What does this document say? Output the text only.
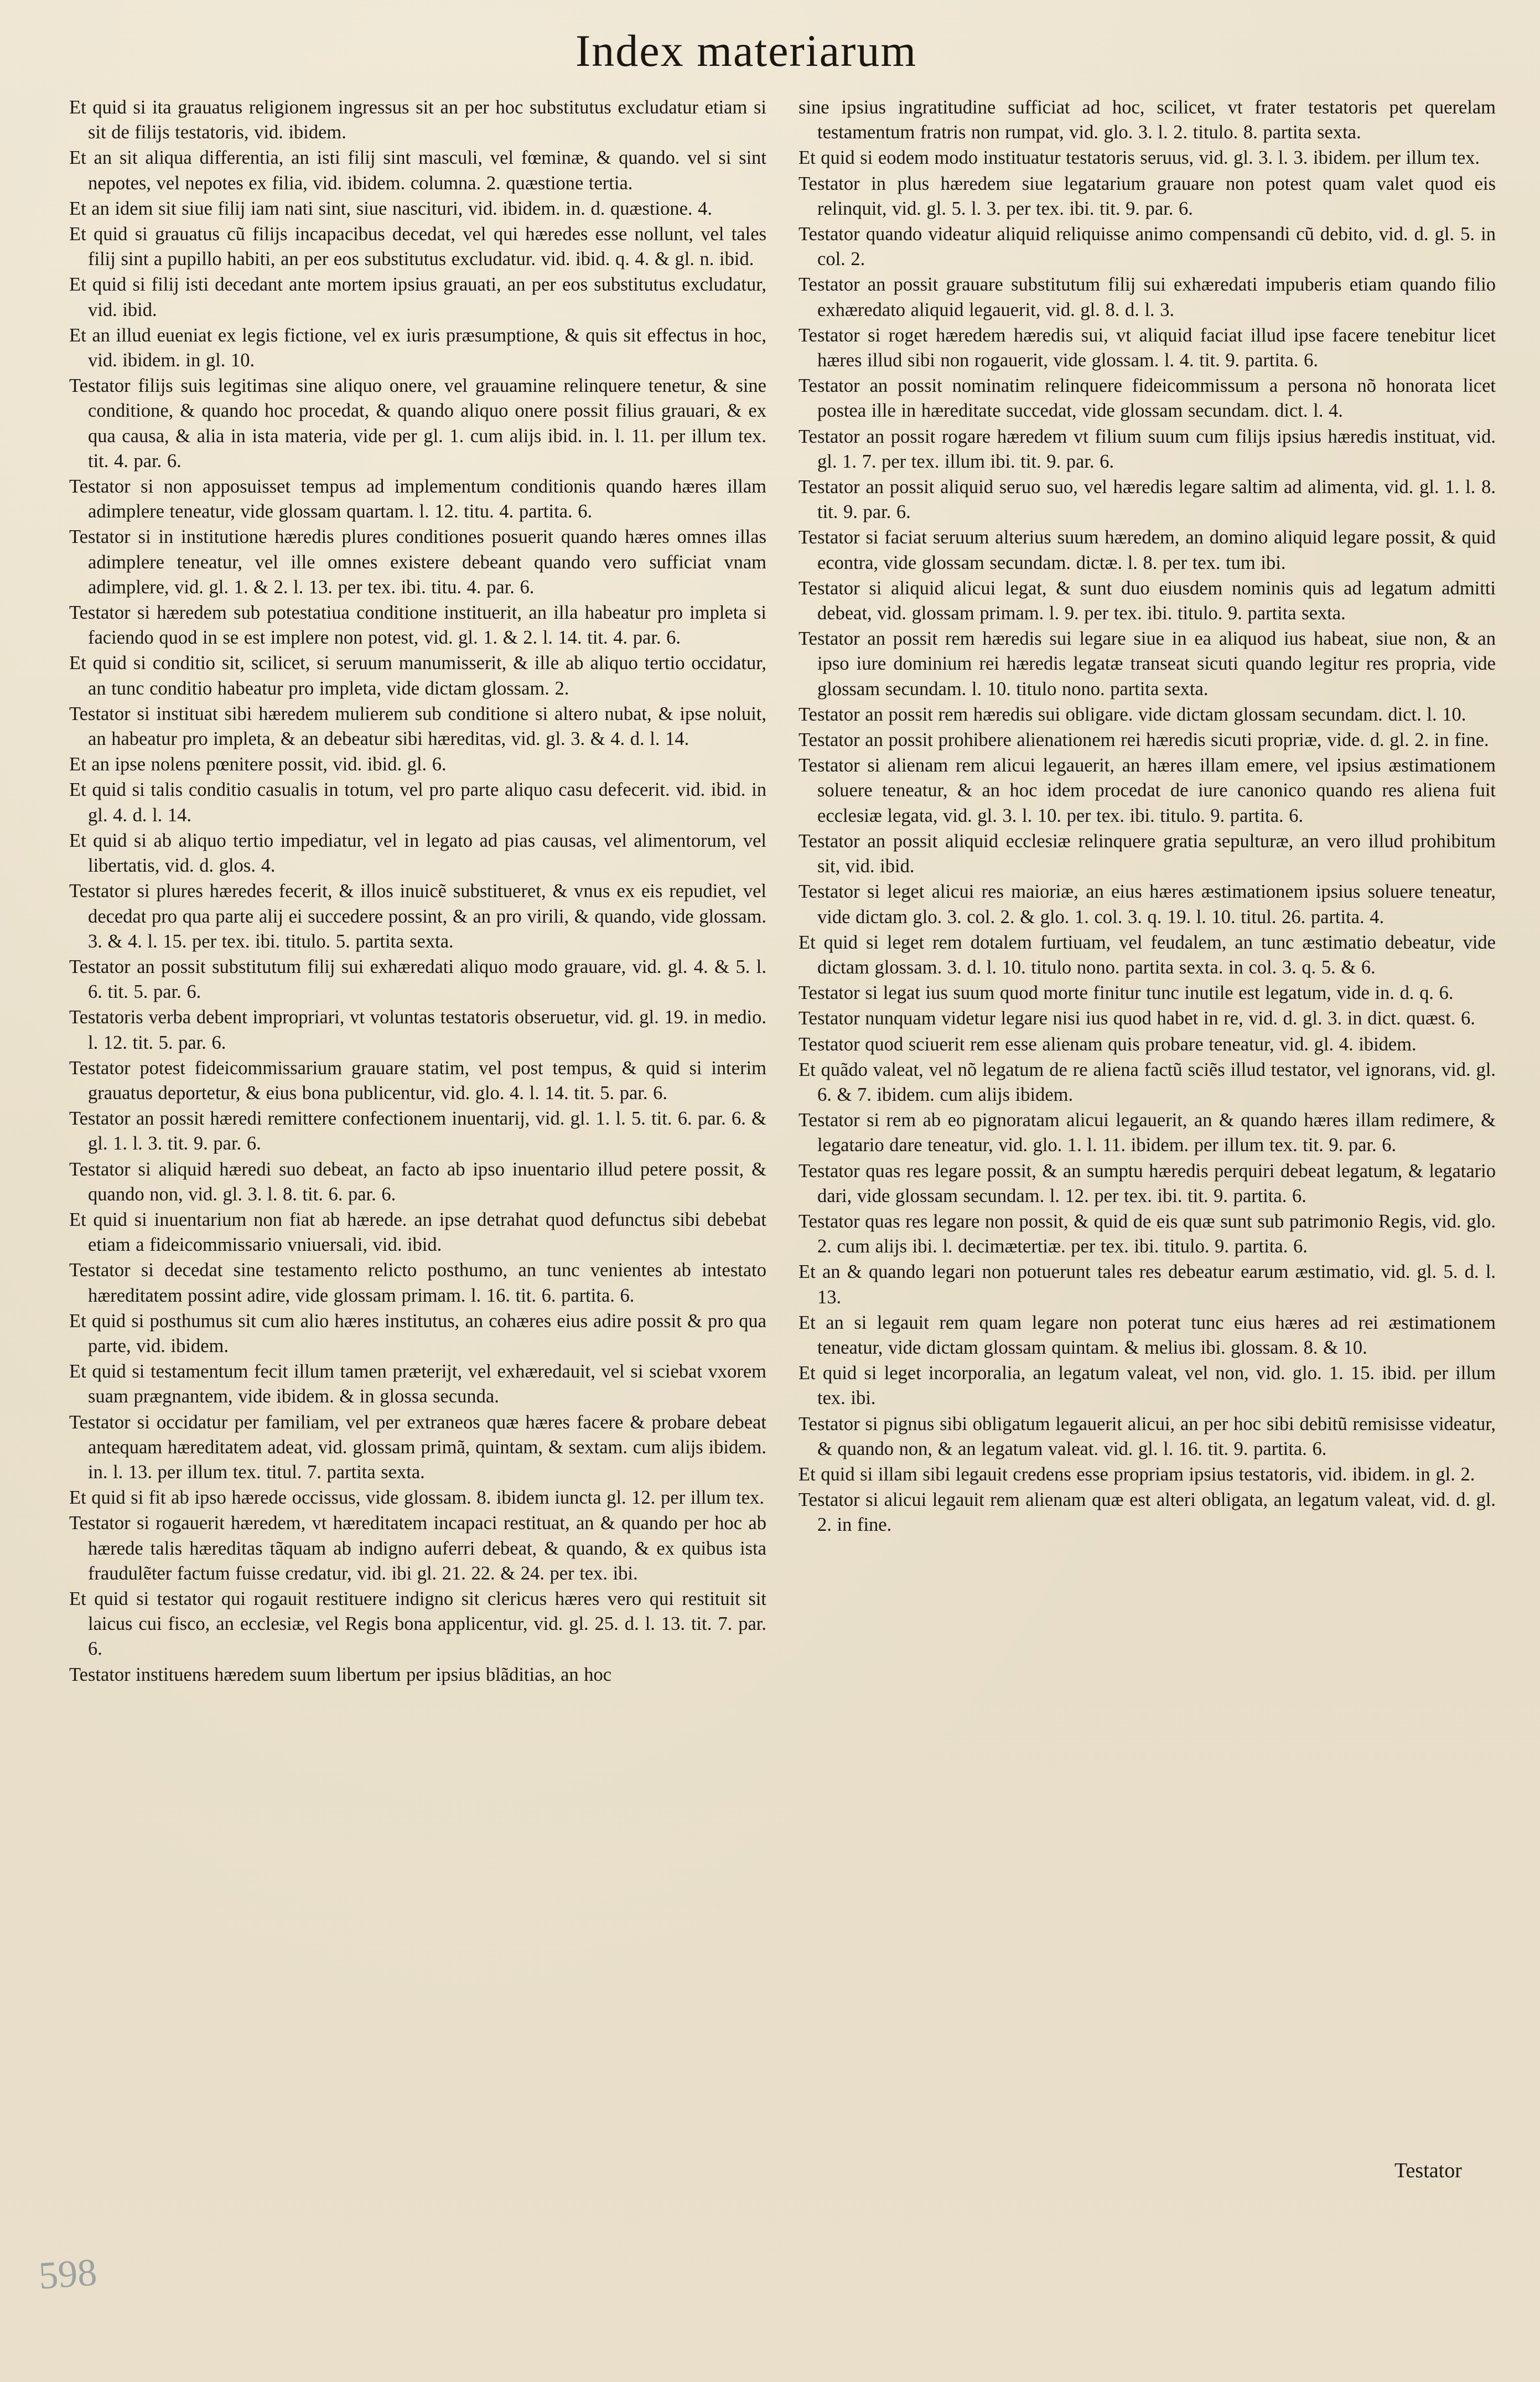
Index materiarum

Et quid si ita grauatus religionem ingressus sit an per hoc substitutus excludatur etiam si sit de filijs testatoris, vid. ibidem.

Et an sit aliqua differentia, an isti filij sint masculi, vel fœminæ, & quando. vel si sint nepotes, vel nepotes ex filia, vid. ibidem. columna. 2. quæstione tertia.

Et an idem sit siue filij iam nati sint, siue nascituri, vid. ibidem. in. d. quæstione. 4.

Et quid si grauatus cũ filijs incapacibus decedat, vel qui hæredes esse nollunt, vel tales filij sint a pupillo habiti, an per eos substitutus excludatur. vid. ibid. q. 4. & gl. n. ibid.

Et quid si filij isti decedant ante mortem ipsius grauati, an per eos substitutus excludatur, vid. ibid.

Et an illud eueniat ex legis fictione, vel ex iuris præsumptione, & quis sit effectus in hoc, vid. ibidem. in gl. 10.

Testator filijs suis legitimas sine aliquo onere, vel grauamine relinquere tenetur, & sine conditione, & quando hoc procedat, & quando aliquo onere possit filius grauari, & ex qua causa, & alia in ista materia, vide per gl. 1. cum alijs ibid. in. l. 11. per illum tex. tit. 4. par. 6.

Testator si non apposuisset tempus ad implementum conditionis quando hæres illam adimplere teneatur, vide glossam quartam. l. 12. titu. 4. partita. 6.

Testator si in institutione hæredis plures conditiones posuerit quando hæres omnes illas adimplere teneatur, vel ille omnes existere debeant quando vero sufficiat vnam adimplere, vid. gl. 1. & 2. l. 13. per tex. ibi. titu. 4. par. 6.

Testator si hæredem sub potestatiua conditione instituerit, an illa habeatur pro impleta si faciendo quod in se est implere non potest, vid. gl. 1. & 2. l. 14. tit. 4. par. 6.

Et quid si conditio sit, scilicet, si seruum manumisserit, & ille ab aliquo tertio occidatur, an tunc conditio habeatur pro impleta, vide dictam glossam. 2.

Testator si instituat sibi hæredem mulierem sub conditione si altero nubat, & ipse noluit, an habeatur pro impleta, & an debeatur sibi hæreditas, vid. gl. 3. & 4. d. l. 14.

Et an ipse nolens pœnitere possit, vid. ibid. gl. 6.

Et quid si talis conditio casualis in totum, vel pro parte aliquo casu defecerit. vid. ibid. in gl. 4. d. l. 14.

Et quid si ab aliquo tertio impediatur, vel in legato ad pias causas, vel alimentorum, vel libertatis, vid. d. glos. 4.

Testator si plures hæredes fecerit, & illos inuicẽ substitueret, & vnus ex eis repudiet, vel decedat pro qua parte alij ei succedere possint, & an pro virili, & quando, vide glossam. 3. & 4. l. 15. per tex. ibi. titulo. 5. partita sexta.

Testator an possit substitutum filij sui exhæredati aliquo modo grauare, vid. gl. 4. & 5. l. 6. tit. 5. par. 6.

Testatoris verba debent impropriari, vt voluntas testatoris obseruetur, vid. gl. 19. in medio. l. 12. tit. 5. par. 6.

Testator potest fideicommissarium grauare statim, vel post tempus, & quid si interim grauatus deportetur, & eius bona publicentur, vid. glo. 4. l. 14. tit. 5. par. 6.

Testator an possit hæredi remittere confectionem inuentarij, vid. gl. 1. l. 5. tit. 6. par. 6. & gl. 1. l. 3. tit. 9. par. 6.

Testator si aliquid hæredi suo debeat, an facto ab ipso inuentario illud petere possit, & quando non, vid. gl. 3. l. 8. tit. 6. par. 6.

Et quid si inuentarium non fiat ab hærede. an ipse detrahat quod defunctus sibi debebat etiam a fideicommissario vniuersali, vid. ibid.

Testator si decedat sine testamento relicto posthumo, an tunc venientes ab intestato hæreditatem possint adire, vide glossam primam. l. 16. tit. 6. partita. 6.

Et quid si posthumus sit cum alio hæres institutus, an cohæres eius adire possit & pro qua parte, vid. ibidem.

Et quid si testamentum fecit illum tamen præterijt, vel exhæredauit, vel si sciebat vxorem suam prægnantem, vide ibidem. & in glossa secunda.

Testator si occidatur per familiam, vel per extraneos quæ hæres facere & probare debeat antequam hæreditatem adeat, vid. glossam primã, quintam, & sextam. cum alijs ibidem. in. l. 13. per illum tex. titul. 7. partita sexta.

Et quid si fit ab ipso hærede occissus, vide glossam. 8. ibidem iuncta gl. 12. per illum tex.

Testator si rogauerit hæredem, vt hæreditatem incapaci restituat, an & quando per hoc ab hærede talis hæreditas tãquam ab indigno auferri debeat, & quando, & ex quibus ista fraudulẽter factum fuisse credatur, vid. ibi gl. 21. 22. & 24. per tex. ibi.

Et quid si testator qui rogauit restituere indigno sit clericus hæres vero qui restituit sit laicus cui fisco, an ecclesiæ, vel Regis bona applicentur, vid. gl. 25. d. l. 13. tit. 7. par. 6.

Testator instituens hæredem suum libertum per ipsius blãditias, an hoc

sine ipsius ingratitudine sufficiat ad hoc, scilicet, vt frater testatoris pet querelam testamentum fratris non rumpat, vid. glo. 3. l. 2. titulo. 8. partita sexta.

Et quid si eodem modo instituatur testatoris seruus, vid. gl. 3. l. 3. ibidem. per illum tex.

Testator in plus hæredem siue legatarium grauare non potest quam valet quod eis relinquit, vid. gl. 5. l. 3. per tex. ibi. tit. 9. par. 6.

Testator quando videatur aliquid reliquisse animo compensandi cũ debito, vid. d. gl. 5. in col. 2.

Testator an possit grauare substitutum filij sui exhæredati impuberis etiam quando filio exhæredato aliquid legauerit, vid. gl. 8. d. l. 3.

Testator si roget hæredem hæredis sui, vt aliquid faciat illud ipse facere tenebitur licet hæres illud sibi non rogauerit, vide glossam. l. 4. tit. 9. partita. 6.

Testator an possit nominatim relinquere fideicommissum a persona nõ honorata licet postea ille in hæreditate succedat, vide glossam secundam. dict. l. 4.

Testator an possit rogare hæredem vt filium suum cum filijs ipsius hæredis instituat, vid. gl. 1. 7. per tex. illum ibi. tit. 9. par. 6.

Testator an possit aliquid seruo suo, vel hæredis legare saltim ad alimenta, vid. gl. 1. l. 8. tit. 9. par. 6.

Testator si faciat seruum alterius suum hæredem, an domino aliquid legare possit, & quid econtra, vide glossam secundam. dictæ. l. 8. per tex. tum ibi.

Testator si aliquid alicui legat, & sunt duo eiusdem nominis quis ad legatum admitti debeat, vid. glossam primam. l. 9. per tex. ibi. titulo. 9. partita sexta.

Testator an possit rem hæredis sui legare siue in ea aliquod ius habeat, siue non, & an ipso iure dominium rei hæredis legatæ transeat sicuti quando legitur res propria, vide glossam secundam. l. 10. titulo nono. partita sexta.

Testator an possit rem hæredis sui obligare. vide dictam glossam secundam. dict. l. 10.

Testator an possit prohibere alienationem rei hæredis sicuti propriæ, vide. d. gl. 2. in fine.

Testator si alienam rem alicui legauerit, an hæres illam emere, vel ipsius æstimationem soluere teneatur, & an hoc idem procedat de iure canonico quando res aliena fuit ecclesiæ legata, vid. gl. 3. l. 10. per tex. ibi. titulo. 9. partita. 6.

Testator an possit aliquid ecclesiæ relinquere gratia sepulturæ, an vero illud prohibitum sit, vid. ibid.

Testator si leget alicui res maioriæ, an eius hæres æstimationem ipsius soluere teneatur, vide dictam glo. 3. col. 2. & glo. 1. col. 3. q. 19. l. 10. titul. 26. partita. 4.

Et quid si leget rem dotalem furtiuam, vel feudalem, an tunc æstimatio debeatur, vide dictam glossam. 3. d. l. 10. titulo nono. partita sexta. in col. 3. q. 5. & 6.

Testator si legat ius suum quod morte finitur tunc inutile est legatum, vide in. d. q. 6.

Testator nunquam videtur legare nisi ius quod habet in re, vid. d. gl. 3. in dict. quæst. 6.

Testator quod sciuerit rem esse alienam quis probare teneatur, vid. gl. 4. ibidem.

Et quãdo valeat, vel nõ legatum de re aliena factũ sciẽs illud testator, vel ignorans, vid. gl. 6. & 7. ibidem. cum alijs ibidem.

Testator si rem ab eo pignoratam alicui legauerit, an & quando hæres illam redimere, & legatario dare teneatur, vid. glo. 1. l. 11. ibidem. per illum tex. tit. 9. par. 6.

Testator quas res legare possit, & an sumptu hæredis perquiri debeat legatum, & legatario dari, vide glossam secundam. l. 12. per tex. ibi. tit. 9. partita. 6.

Testator quas res legare non possit, & quid de eis quæ sunt sub patrimonio Regis, vid. glo. 2. cum alijs ibi. l. decimætertiæ. per tex. ibi. titulo. 9. partita. 6.

Et an & quando legari non potuerunt tales res debeatur earum æstimatio, vid. gl. 5. d. l. 13.

Et an si legauit rem quam legare non poterat tunc eius hæres ad rei æstimationem teneatur, vide dictam glossam quintam. & melius ibi. glossam. 8. & 10.

Et quid si leget incorporalia, an legatum valeat, vel non, vid. glo. 1. 15. ibid. per illum tex. ibi.

Testator si pignus sibi obligatum legauerit alicui, an per hoc sibi debitũ remisisse videatur, & quando non, & an legatum valeat. vid. gl. l. 16. tit. 9. partita. 6.

Et quid si illam sibi legauit credens esse propriam ipsius testatoris, vid. ibidem. in gl. 2.

Testator si alicui legauit rem alienam quæ est alteri obligata, an legatum valeat, vid. d. gl. 2. in fine.

Testator
598
